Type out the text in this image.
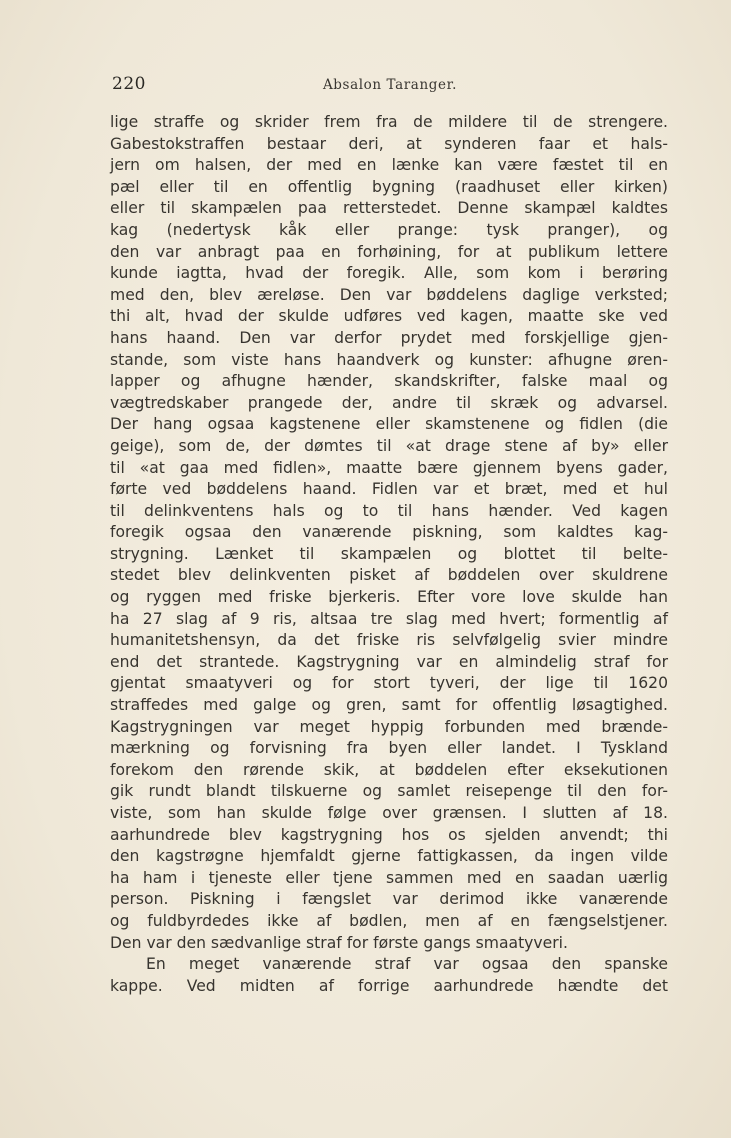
220	Absalon Taranger.
lige straffe og skrider frem fra de mildere til de strengere.
Gabestokstraffen bestaar deri, at synderen faar et hals-
jern om halsen, der med en lænke kan være fæstet til en
pæl eller til en offentlig bygning (raadhuset eller kirken)
eller til skampælen paa retterstedet. Denne skampæl kaldtes
kag (nedertysk kåk eller prange: tysk pranger), og
den var anbragt paa en forhøining, for at publikum lettere
kunde iagtta, hvad der foregik. Alle, som kom i berøring
med den, blev æreløse. Den var bøddelens daglige verksted;
thi alt, hvad der skulde udføres ved kagen, maatte ske ved
hans haand. Den var derfor prydet med forskjellige gjen-
stande, som viste hans haandverk og kunster: afhugne øren-
lapper og afhugne hænder, skandskrifter, falske maal og
vægtredskaber prangede der, andre til skræk og advarsel.
Der hang ogsaa kagstenene eller skamstenene og fidlen (die
geige), som de, der dømtes til «at drage stene af by» eller
til «at gaa med fidlen», maatte bære gjennem byens gader,
førte ved bøddelens haand. Fidlen var et bræt, med et hul
til delinkventens hals og to til hans hænder. Ved kagen
foregik ogsaa den vanærende piskning, som kaldtes kag-
strygning. Lænket til skampælen og blottet til belte-
stedet blev delinkventen pisket af bøddelen over skuldrene
og ryggen med friske bjerkeris. Efter vore love skulde han
ha 27 slag af 9 ris, altsaa tre slag med hvert; formentlig af
humanitetshensyn, da det friske ris selvfølgelig svier mindre
end det strantede. Kagstrygning var en almindelig straf for
gjentat smaatyveri og for stort tyveri, der lige til 1620
straffedes med galge og gren, samt for offentlig løsagtighed.
Kagstrygningen var meget hyppig forbunden med brænde-
mærkning og forvisning fra byen eller landet. I Tyskland
forekom den rørende skik, at bøddelen efter eksekutionen
gik rundt blandt tilskuerne og samlet reisepenge til den for-
viste, som han skulde følge over grænsen. I slutten af 18.
aarhundrede blev kagstrygning hos os sjelden anvendt; thi
den kagstrøgne hjemfaldt gjerne fattigkassen, da ingen vilde
ha ham i tjeneste eller tjene sammen med en saadan uærlig
person. Piskning i fængslet var derimod ikke vanærende
og fuldbyrdedes ikke af bødlen, men af en fængselstjener.
Den var den sædvanlige straf for første gangs smaatyveri.
En meget vanærende straf var ogsaa den spanske
kappe. Ved midten af forrige aarhundrede hændte det
